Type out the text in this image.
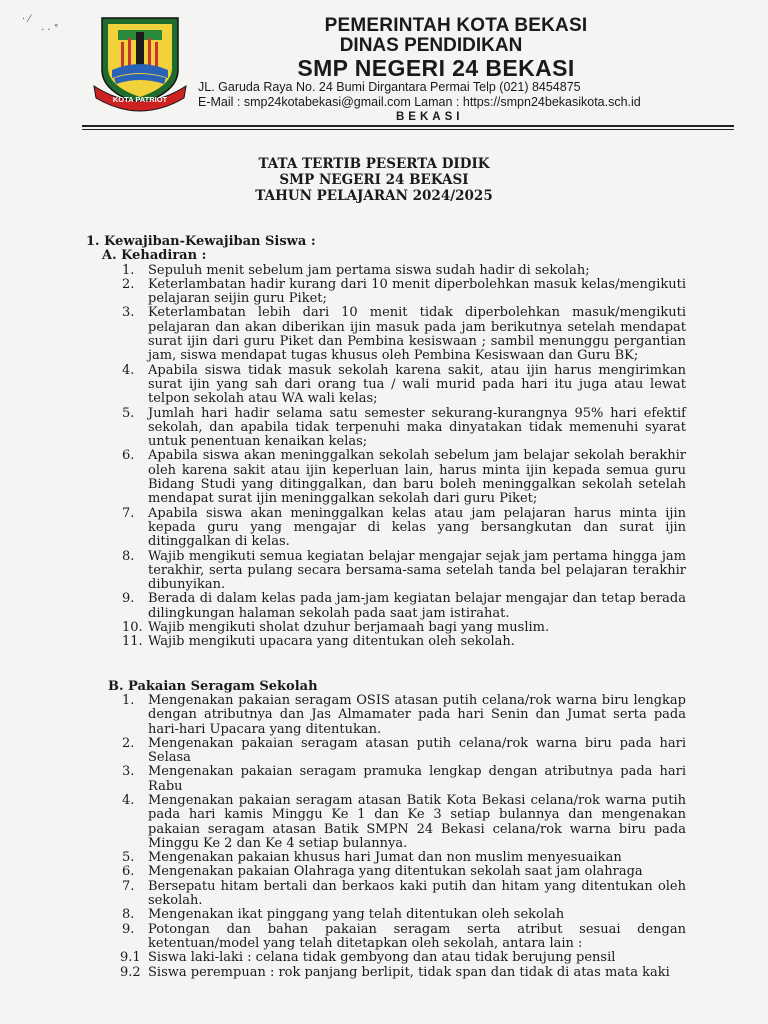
· ⁄
· · ˚
KOTA PATRIOT
PEMERINTAH KOTA BEKASI
DINAS PENDIDIKAN
SMP NEGERI 24 BEKASI
JL. Garuda Raya No. 24 Bumi Dirgantara Permai Telp (021) 8454875
E-Mail : smp24kotabekasi@gmail.com Laman : https://smpn24bekasikota.sch.id
BEKASI
TATA TERTIB PESERTA DIDIK
SMP NEGERI 24 BEKASI
TAHUN PELAJARAN 2024/2025
1. Kewajiban-Kewajiban Siswa :
A. Kehadiran :
1.	Sepuluh menit sebelum jam pertama siswa sudah hadir di sekolah;
2.	Keterlambatan hadir kurang dari 10 menit diperbolehkan masuk kelas/mengikuti pelajaran seijin guru Piket;
3.	Keterlambatan lebih dari 10 menit tidak diperbolehkan masuk/mengikuti pelajaran dan akan diberikan ijin masuk pada jam berikutnya setelah mendapat surat ijin dari guru Piket dan Pembina kesiswaan ; sambil menunggu pergantian jam, siswa mendapat tugas khusus oleh Pembina Kesiswaan dan Guru BK;
4.	Apabila siswa tidak masuk sekolah karena sakit, atau ijin harus mengirimkan surat ijin yang sah dari orang tua / wali murid pada hari itu juga atau lewat telpon sekolah atau WA wali kelas;
5.	Jumlah hari hadir selama satu semester sekurang-kurangnya 95% hari efektif sekolah, dan apabila tidak terpenuhi maka dinyatakan tidak memenuhi syarat untuk penentuan kenaikan kelas;
6.	Apabila siswa akan meninggalkan sekolah sebelum jam belajar sekolah berakhir oleh karena sakit atau ijin keperluan lain, harus minta ijin kepada semua guru Bidang Studi yang ditinggalkan, dan baru boleh meninggalkan sekolah setelah mendapat surat ijin meninggalkan sekolah dari guru Piket;
7.	Apabila siswa akan meninggalkan kelas atau jam pelajaran harus minta ijin kepada guru yang mengajar di kelas yang bersangkutan dan surat ijin ditinggalkan di kelas.
8.	Wajib mengikuti semua kegiatan belajar mengajar sejak jam pertama hingga jam terakhir, serta pulang secara bersama-sama setelah tanda bel pelajaran terakhir dibunyikan.
9.	Berada di dalam kelas pada jam-jam kegiatan belajar mengajar dan tetap berada dilingkungan halaman sekolah pada saat jam istirahat.
10. Wajib mengikuti sholat dzuhur berjamaah bagi yang muslim.
11. Wajib mengikuti upacara yang ditentukan oleh sekolah.
B. Pakaian Seragam Sekolah
1.	Mengenakan pakaian seragam OSIS atasan putih celana/rok warna biru lengkap dengan atributnya dan Jas Almamater pada hari Senin dan Jumat serta pada hari-hari Upacara yang ditentukan.
2.	Mengenakan pakaian seragam atasan putih celana/rok warna biru pada hari Selasa
3.	Mengenakan pakaian seragam pramuka lengkap dengan atributnya pada hari Rabu
4.	Mengenakan pakaian seragam atasan Batik Kota Bekasi celana/rok warna putih pada hari kamis Minggu Ke 1 dan Ke 3 setiap bulannya dan mengenakan pakaian seragam atasan Batik SMPN 24 Bekasi celana/rok warna biru pada Minggu Ke 2 dan Ke 4 setiap bulannya.
5.	Mengenakan pakaian khusus hari Jumat dan non muslim menyesuaikan
6.	Mengenakan pakaian Olahraga yang ditentukan sekolah saat jam olahraga
7.	Bersepatu hitam bertali dan berkaos kaki putih dan hitam yang ditentukan oleh sekolah.
8.	Mengenakan ikat pinggang yang telah ditentukan oleh sekolah
9.	Potongan dan bahan pakaian seragam serta atribut sesuai dengan ketentuan/model yang telah ditetapkan oleh sekolah, antara lain :
9.1 Siswa laki-laki : celana tidak gembyong dan atau tidak berujung pensil
9.2 Siswa perempuan : rok panjang berlipit, tidak span dan tidak di atas mata kaki
